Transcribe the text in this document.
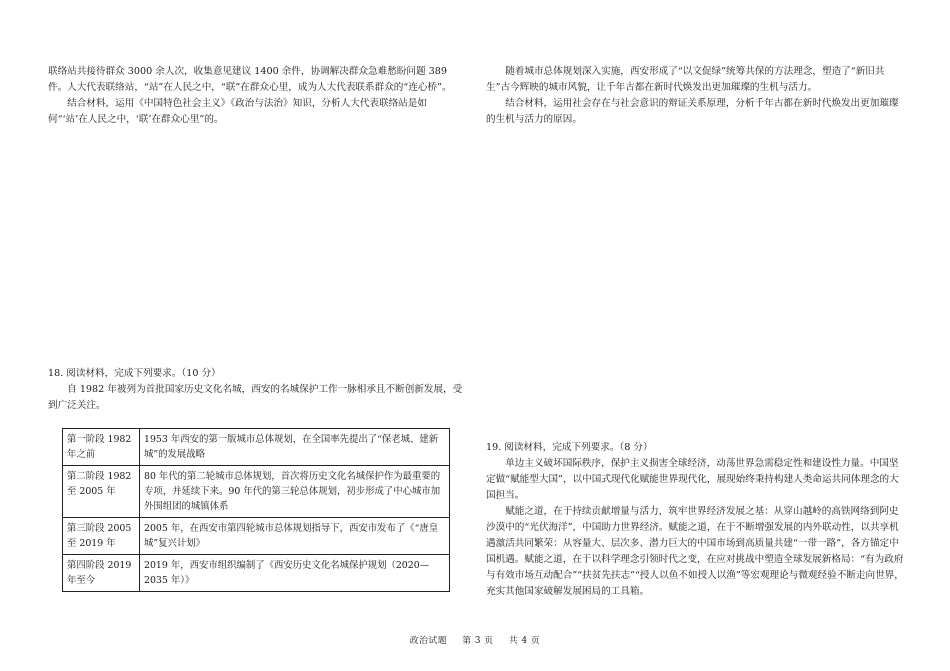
联络站共接待群众 3000 余人次，收集意见建议 1400 余件，协调解决群众急难愁盼问题 389 件。人大代表联络站，“站”在人民之中，“联”在群众心里，成为人大代表联系群众的“连心桥”。

结合材料，运用《中国特色社会主义》《政治与法治》知识，分析人大代表联络站是如何“‘站’在人民之中，‘联’在群众心里”的。

18. 阅读材料，完成下列要求。（10 分）

自 1982 年被列为首批国家历史文化名城，西安的名城保护工作一脉相承且不断创新发展，受到广泛关注。

第一阶段 1982 年之前	1953 年西安的第一版城市总体规划，在全国率先提出了“保老城、建新城”的发展战略
第二阶段 1982 至 2005 年	80 年代的第二轮城市总体规划，首次将历史文化名城保护作为最重要的专项，并延续下来。90 年代的第三轮总体规划，初步形成了中心城市加外围组团的城镇体系
第三阶段 2005 至 2019 年	2005 年，在西安市第四轮城市总体规划指导下，西安市发布了《“唐皇城”复兴计划》
第四阶段 2019 年至今	2019 年，西安市组织编制了《西安历史文化名城保护规划（2020—2035 年）》

随着城市总体规划深入实施，西安形成了“以文促绿”统筹共保的方法理念，塑造了“新旧共生”古今辉映的城市风貌，让千年古都在新时代焕发出更加璀璨的生机与活力。

结合材料，运用社会存在与社会意识的辩证关系原理，分析千年古都在新时代焕发出更加璀璨的生机与活力的原因。

19. 阅读材料，完成下列要求。（8 分）

单边主义破坏国际秩序，保护主义损害全球经济，动荡世界急需稳定性和建设性力量。中国坚定做“赋能型大国”，以中国式现代化赋能世界现代化，展现始终秉持构建人类命运共同体理念的大国担当。

赋能之道，在于持续贡献增量与活力，筑牢世界经济发展之基：从穿山越岭的高铁网络到阿史沙漠中的“光伏海洋”，中国助力世界经济。赋能之道，在于不断增强发展的内外联动性，以共享机遇激活共同繁荣：从容量大、层次多、潜力巨大的中国市场到高质量共建“一带一路”，各方锚定中国机遇。赋能之道，在于以科学理念引领时代之变，在应对挑战中塑造全球发展新格局：“有为政府与有效市场互动配合”“扶贫先扶志”“授人以鱼不如授人以渔”等宏观理论与微观经验不断走向世界，充实其他国家破解发展困局的工具箱。

政治试题 第 3 页 共 4 页
